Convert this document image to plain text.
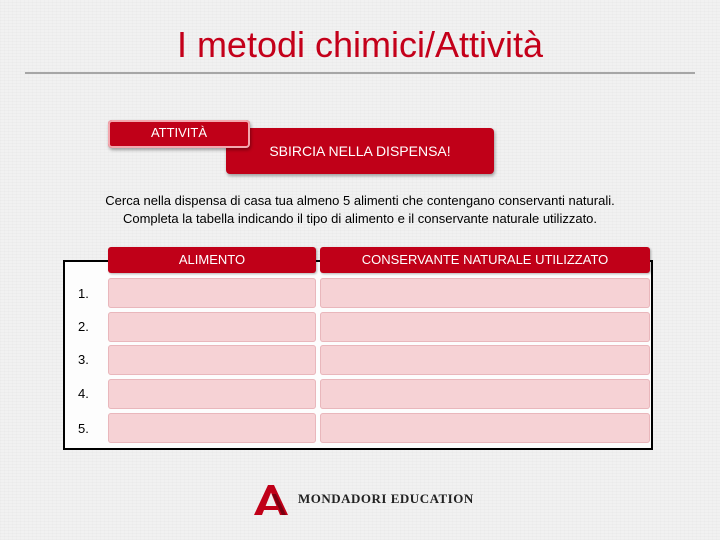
I metodi chimici/Attività
SBIRCIA NELLA DISPENSA!
ATTIVITÀ
Cerca nella dispensa di casa tua almeno 5 alimenti che contengano conservanti naturali.
Completa la tabella indicando il tipo di alimento e il conservante naturale utilizzato.
ALIMENTO	CONSERVANTE NATURALE UTILIZZATO
1.
2.
3.
4.
5.
MONDADORI EDUCATION
